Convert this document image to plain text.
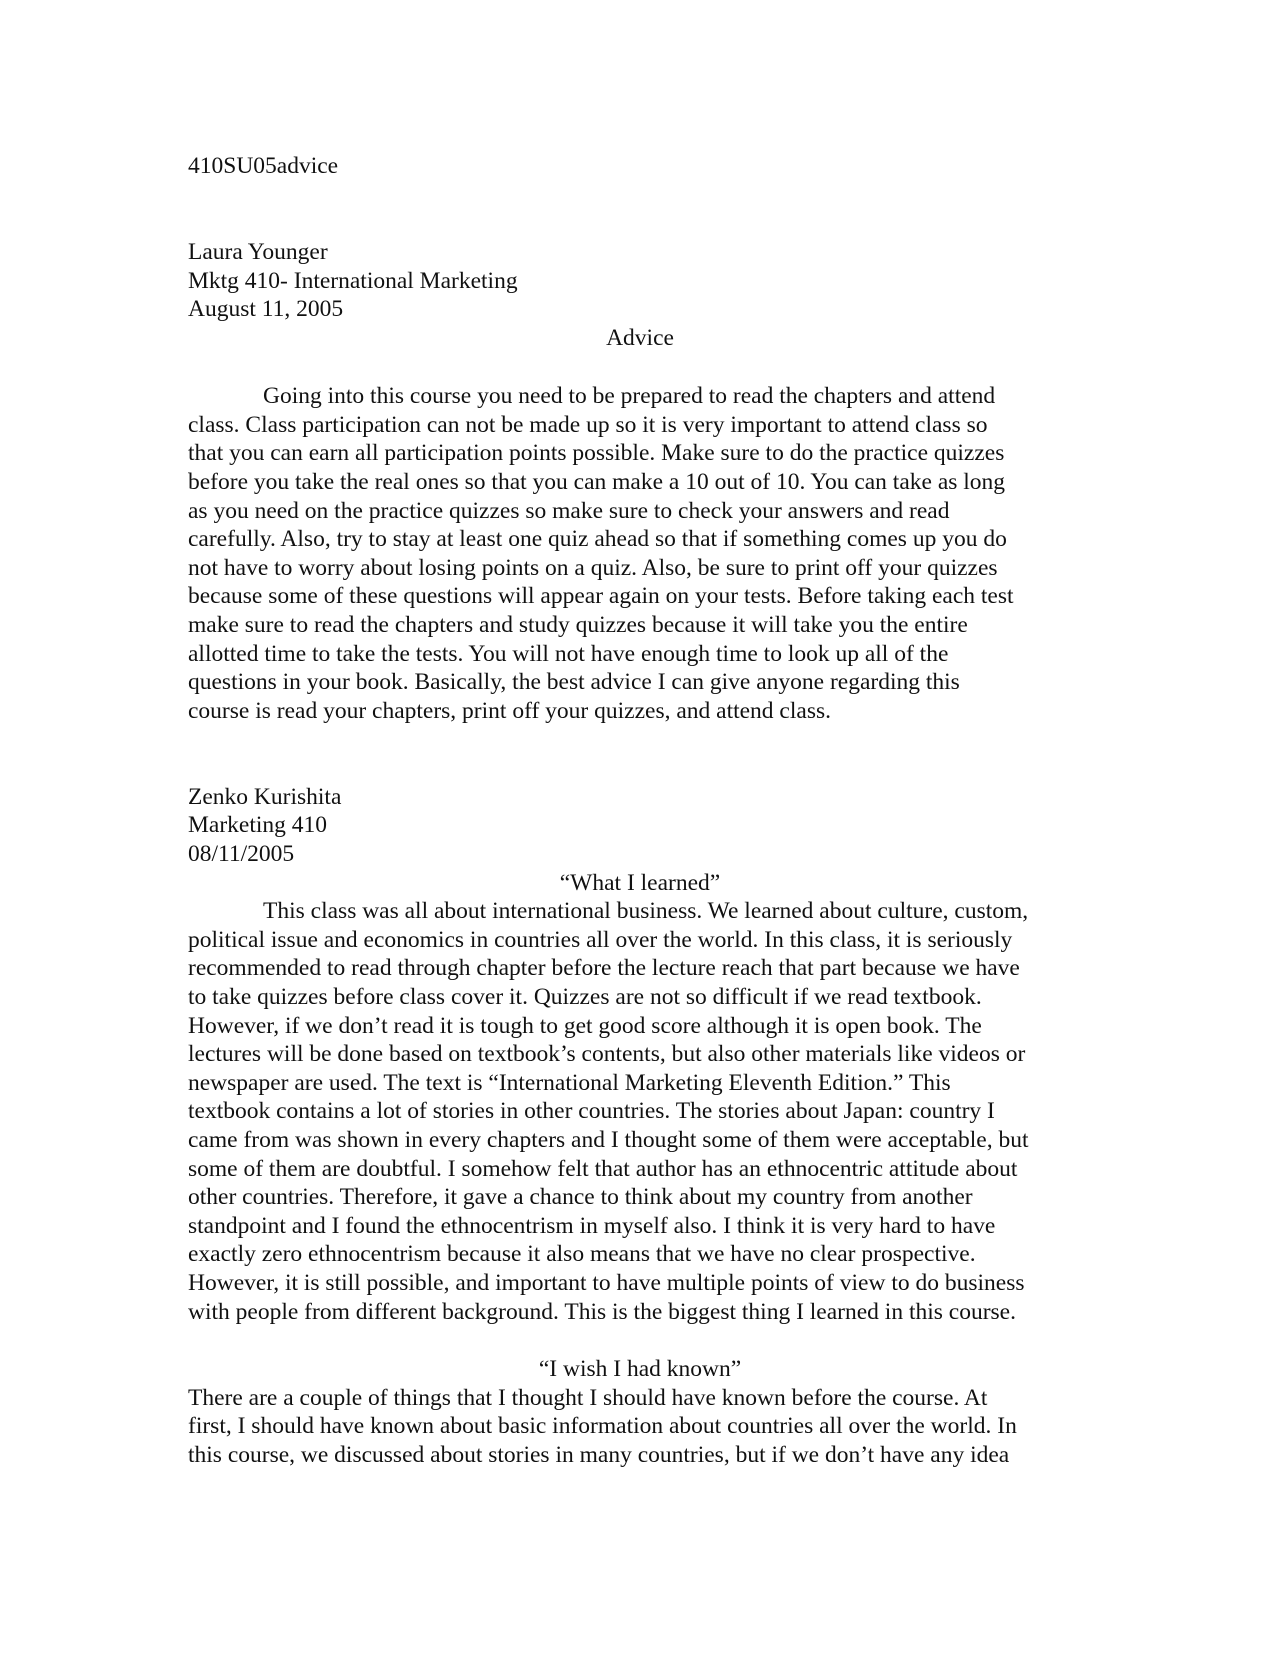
410SU05advice

Laura Younger

Mktg 410- International Marketing

August 11, 2005

Advice

Going into this course you need to be prepared to read the chapters and attend

class. Class participation can not be made up so it is very important to attend class so

that you can earn all participation points possible. Make sure to do the practice quizzes

before you take the real ones so that you can make a 10 out of 10. You can take as long

as you need on the practice quizzes so make sure to check your answers and read

carefully. Also, try to stay at least one quiz ahead so that if something comes up you do

not have to worry about losing points on a quiz. Also, be sure to print off your quizzes

because some of these questions will appear again on your tests. Before taking each test

make sure to read the chapters and study quizzes because it will take you the entire

allotted time to take the tests. You will not have enough time to look up all of the

questions in your book. Basically, the best advice I can give anyone regarding this

course is read your chapters, print off your quizzes, and attend class.

Zenko Kurishita

Marketing 410

08/11/2005

“What I learned”

This class was all about international business. We learned about culture, custom,

political issue and economics in countries all over the world. In this class, it is seriously

recommended to read through chapter before the lecture reach that part because we have

to take quizzes before class cover it. Quizzes are not so difficult if we read textbook.

However, if we don’t read it is tough to get good score although it is open book. The

lectures will be done based on textbook’s contents, but also other materials like videos or

newspaper are used. The text is “International Marketing Eleventh Edition.” This

textbook contains a lot of stories in other countries. The stories about Japan: country I

came from was shown in every chapters and I thought some of them were acceptable, but

some of them are doubtful. I somehow felt that author has an ethnocentric attitude about

other countries. Therefore, it gave a chance to think about my country from another

standpoint and I found the ethnocentrism in myself also. I think it is very hard to have

exactly zero ethnocentrism because it also means that we have no clear prospective.

However, it is still possible, and important to have multiple points of view to do business

with people from different background. This is the biggest thing I learned in this course.

“I wish I had known”

There are a couple of things that I thought I should have known before the course. At

first, I should have known about basic information about countries all over the world. In

this course, we discussed about stories in many countries, but if we don’t have any idea
